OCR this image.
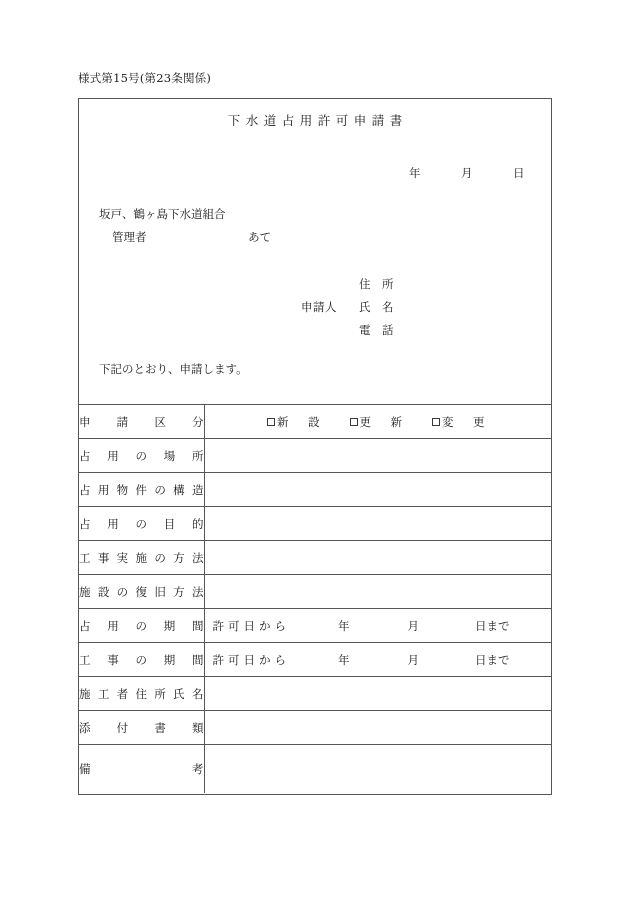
様式第15号(第23条関係)
下水道占用許可申請書
年	月	日
坂戸、鶴ヶ島下水道組合
管理者	あて
住　所
申請人	氏　名
電　話
下記のとおり、申請します。
申 請 区 分	新　設 更　新 変　更

占 用 の 場 所	

占 用 物 件 の 構 造

占 用 の 目 的	

工 事 実 施 の 方 法

施 設 の 復 旧 方 法

占 用 の 期 間	許可日から 年 月 日まで

工 事 の 期 間	許可日から 年 月 日まで

施 工 者 住 所 氏 名

添 付 書 類	

備 考	
